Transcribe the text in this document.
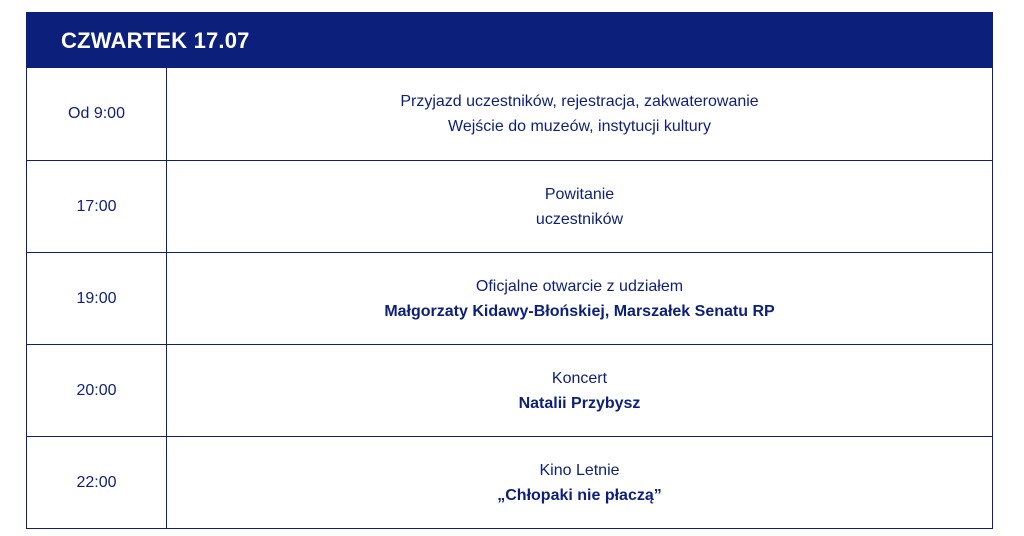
CZWARTEK 17.07
Od 9:00
Przyjazd uczestników, rejestracja, zakwaterowanie
Wejście do muzeów, instytucji kultury
17:00
Powitanie
uczestników
19:00
Oficjalne otwarcie z udziałem
Małgorzaty Kidawy-Błońskiej, Marszałek Senatu RP
20:00
Koncert
Natalii Przybysz
22:00
Kino Letnie
„Chłopaki nie płaczą”
